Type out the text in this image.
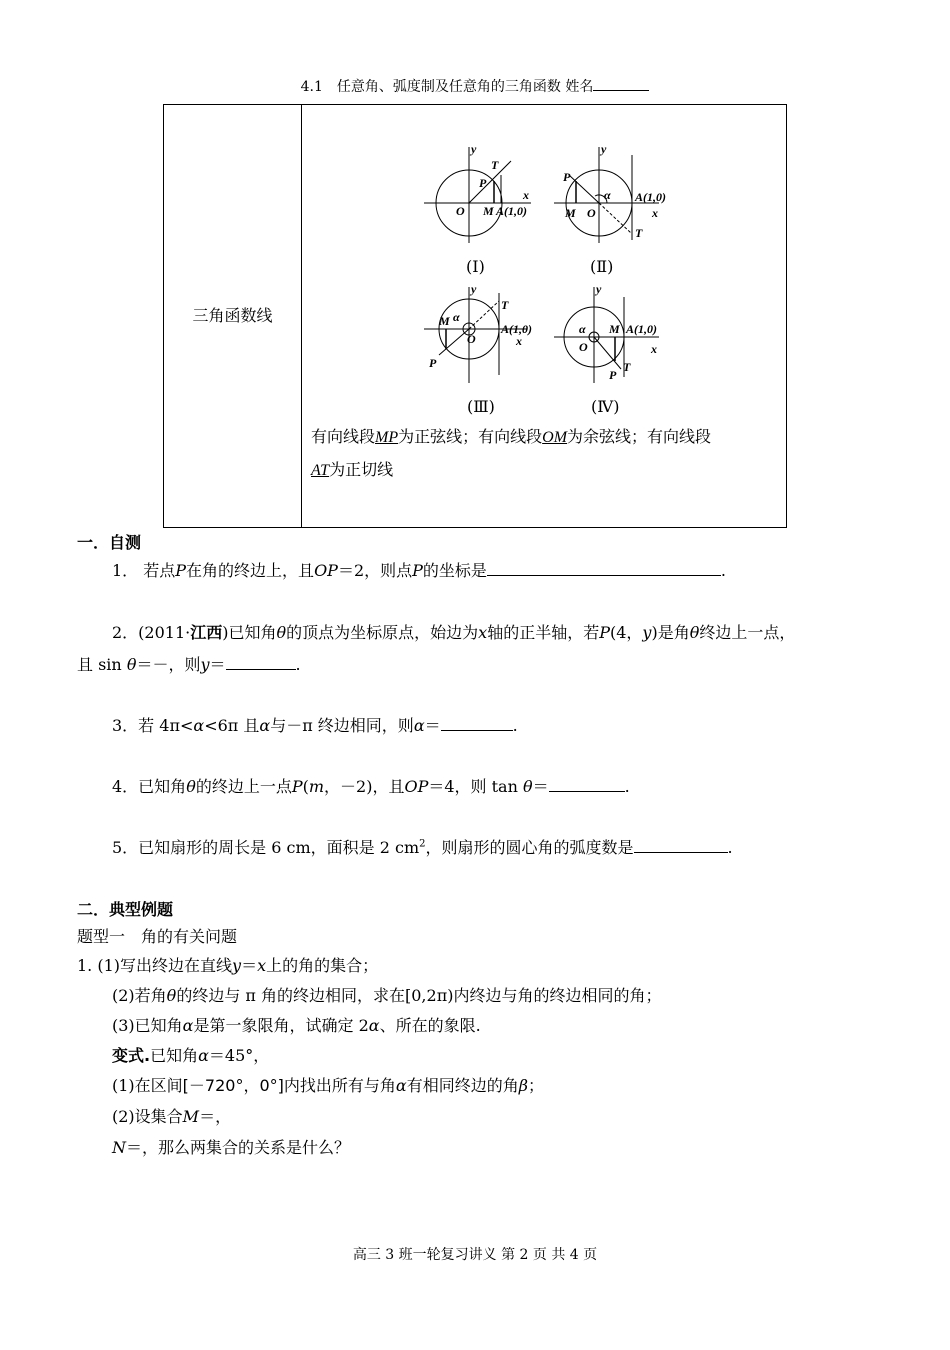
4.1　任意角、弧度制及任意角的三角函数 姓名
三角函数线
y
x
O M A(1,0)
P
T
(Ⅰ)
y
x
M O
P
α A(1,0)
T
(Ⅱ)
y
x
M α
O
P
T
A(1,0)
(Ⅲ)
y
x
α
O
M A(1,0)
P
T
(Ⅳ)
有向线段MP为正弦线；有向线段OM为余弦线；有向线段
AT为正切线
一．自测
1． 若点P在角的终边上，且OP＝2，则点P的坐标是	.
2．(2011·江西)已知角θ的顶点为坐标原点，始边为x轴的正半轴，若P(4，y)是角θ终边上一点，
且 sin θ＝－，则y＝	.
3．若 4π<α<6π 且α与－π 终边相同，则α＝	.
4．已知角θ的终边上一点P(m，－2)，且OP＝4，则 tan θ＝	.
5．已知扇形的周长是 6 cm，面积是 2 $cm^2$，则扇形的圆心角的弧度数是	.
二．典型例题
题型一　角的有关问题
1. (1)写出终边在直线y＝x上的角的集合；
(2)若角θ的终边与 π 角的终边相同，求在[0,2π)内终边与角的终边相同的角；
(3)已知角α是第一象限角，试确定 2α、所在的象限.
变式.已知角α＝45°，
(1)在区间[－720°，0°]内找出所有与角α有相同终边的角β；
(2)设集合M＝，
N＝，那么两集合的关系是什么？
高三 3 班一轮复习讲义 第 2 页 共 4 页
